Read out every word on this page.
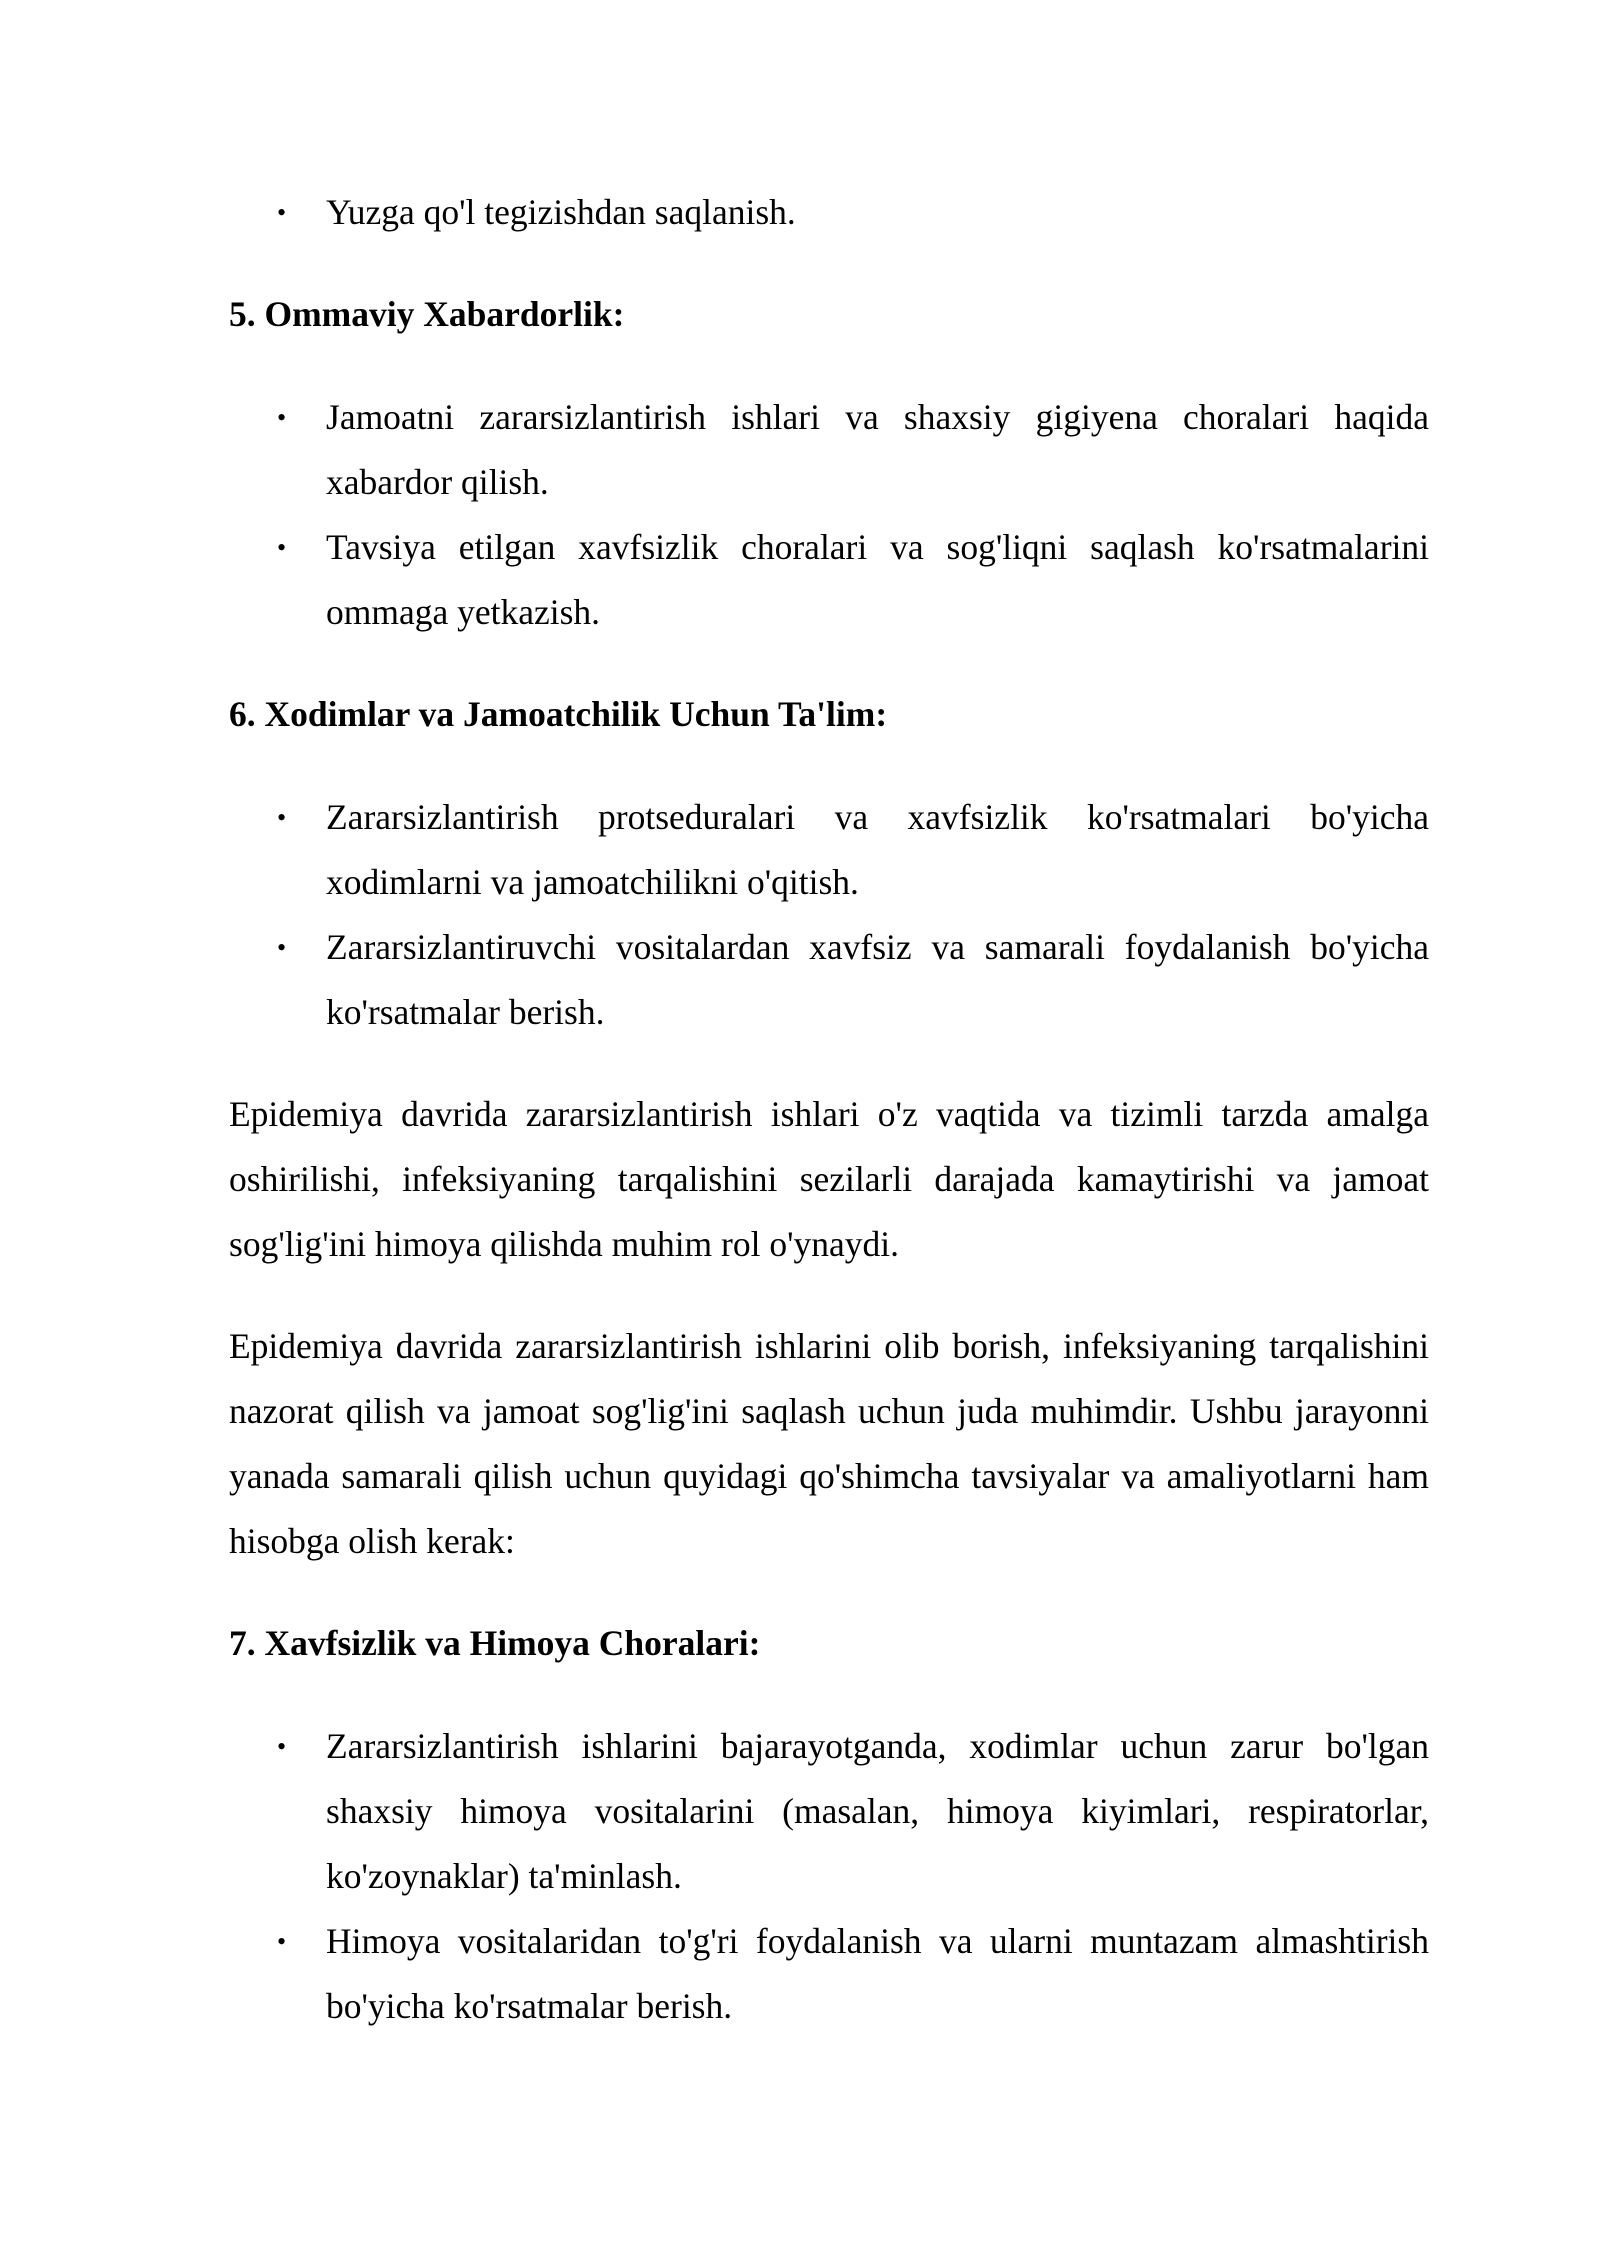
• Yuzga qo'l tegizishdan saqlanish.

5. Ommaviy Xabardorlik:

• Jamoatni zararsizlantirish ishlari va shaxsiy gigiyena choralari haqida xabardor qilish.
• Tavsiya etilgan xavfsizlik choralari va sog'liqni saqlash ko'rsatmalarini ommaga yetkazish.

6. Xodimlar va Jamoatchilik Uchun Ta'lim:

• Zararsizlantirish protseduralari va xavfsizlik ko'rsatmalari bo'yicha xodimlarni va jamoatchilikni o'qitish.
• Zararsizlantiruvchi vositalardan xavfsiz va samarali foydalanish bo'yicha ko'rsatmalar berish.

Epidemiya davrida zararsizlantirish ishlari o'z vaqtida va tizimli tarzda amalga oshirilishi, infeksiyaning tarqalishini sezilarli darajada kamaytirishi va jamoat sog'lig'ini himoya qilishda muhim rol o'ynaydi.

Epidemiya davrida zararsizlantirish ishlarini olib borish, infeksiyaning tarqalishini nazorat qilish va jamoat sog'lig'ini saqlash uchun juda muhimdir. Ushbu jarayonni yanada samarali qilish uchun quyidagi qo'shimcha tavsiyalar va amaliyotlarni ham hisobga olish kerak:

7. Xavfsizlik va Himoya Choralari:

• Zararsizlantirish ishlarini bajarayotganda, xodimlar uchun zarur bo'lgan shaxsiy himoya vositalarini (masalan, himoya kiyimlari, respiratorlar, ko'zoynaklar) ta'minlash.
• Himoya vositalaridan to'g'ri foydalanish va ularni muntazam almashtirish bo'yicha ko'rsatmalar berish.
